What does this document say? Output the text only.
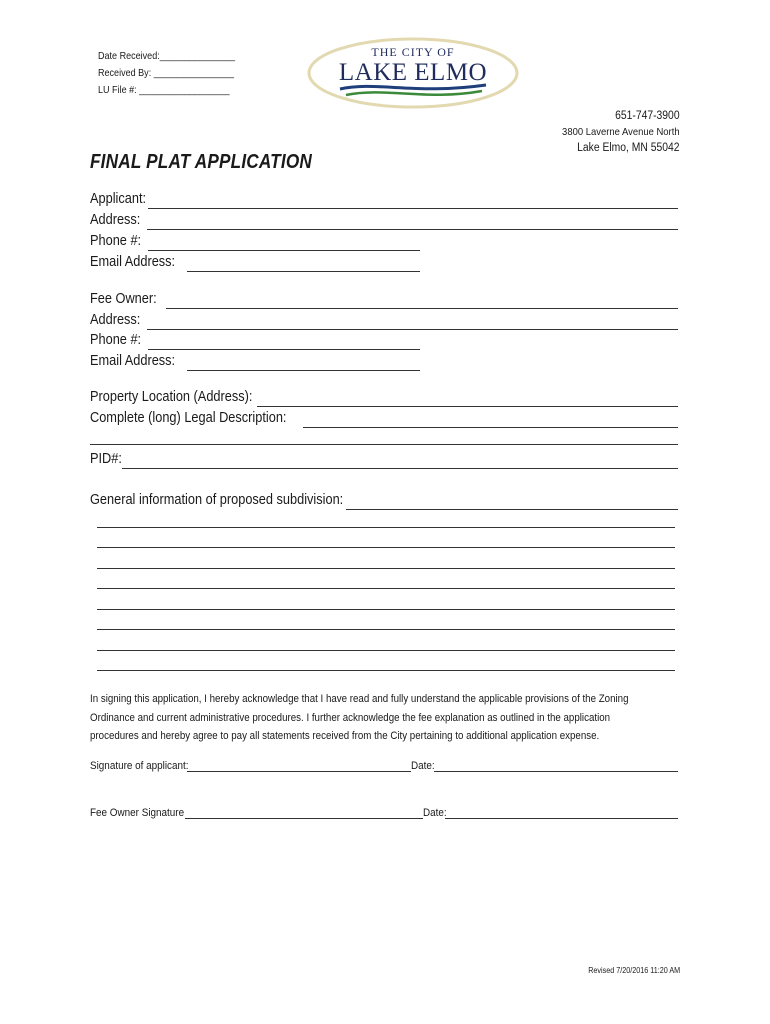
Date Received:_______________
Received By: ________________
LU File #: __________________
THE CITY OF
LAKE ELMO
651-747-3900
3800 Laverne Avenue North
Lake Elmo, MN 55042
FINAL PLAT APPLICATION
Applicant:
Address:
Phone #:
Email Address:
Fee Owner:
Address:
Phone #:
Email Address:
Property Location (Address):
Complete (long) Legal Description:
PID#:
General information of proposed subdivision:
In signing this application, I hereby acknowledge that I have read and fully understand the applicable provisions of the Zoning Ordinance and current administrative procedures. I further acknowledge the fee explanation as outlined in the application procedures and hereby agree to pay all statements received from the City pertaining to additional application expense.
Signature of applicant:	Date:
Fee Owner Signature	Date:
Revised 7/20/2016 11:20 AM
